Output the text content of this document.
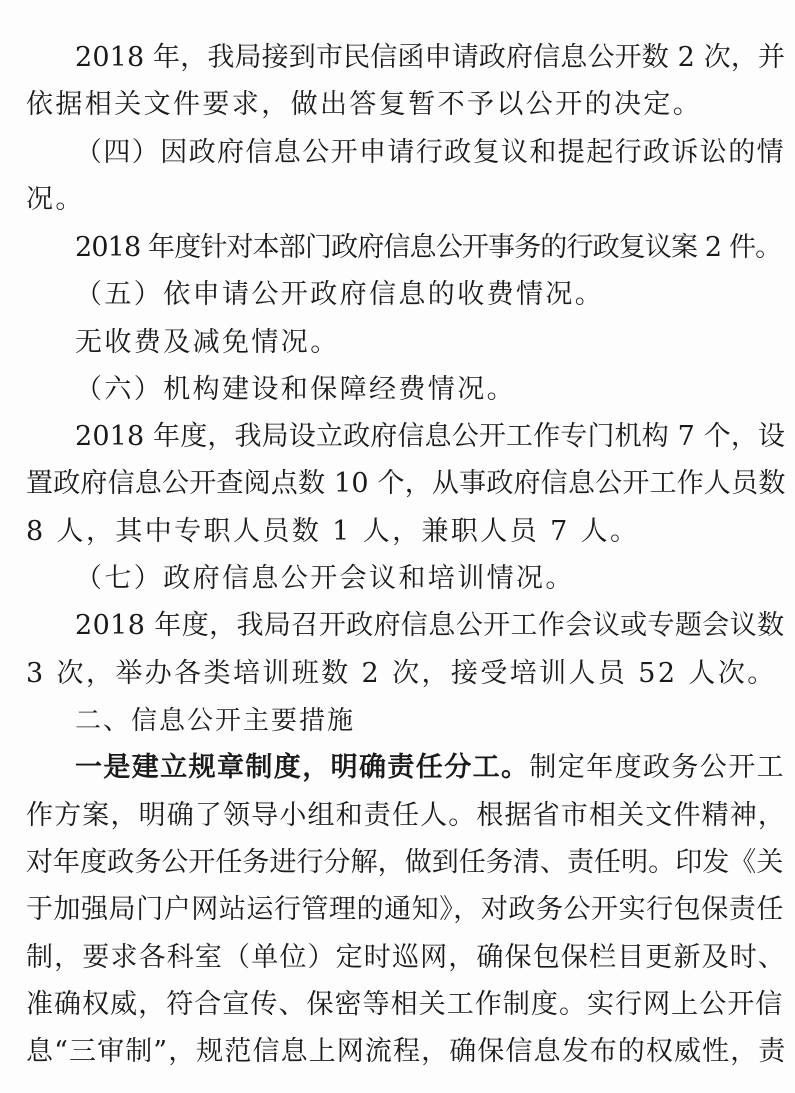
2018 年，我局接到市民信函申请政府信息公开数 2 次，并
依据相关文件要求，做出答复暂不予以公开的决定。
（四）因政府信息公开申请行政复议和提起行政诉讼的情
况。
2018 年度针对本部门政府信息公开事务的行政复议案 2 件。
（五）依申请公开政府信息的收费情况。
无收费及减免情况。
（六）机构建设和保障经费情况。
2018 年度，我局设立政府信息公开工作专门机构 7 个，设
置政府信息公开查阅点数 10 个，从事政府信息公开工作人员数
8 人，其中专职人员数 1 人，兼职人员 7 人。
（七）政府信息公开会议和培训情况。
2018 年度，我局召开政府信息公开工作会议或专题会议数
3 次，举办各类培训班数 2 次，接受培训人员 52 人次。
二、信息公开主要措施
一是建立规章制度，明确责任分工。制定年度政务公开工
作方案，明确了领导小组和责任人。根据省市相关文件精神，
对年度政务公开任务进行分解，做到任务清、责任明。印发《关
于加强局门户网站运行管理的通知》，对政务公开实行包保责任
制，要求各科室（单位）定时巡网，确保包保栏目更新及时、
准确权威，符合宣传、保密等相关工作制度。实行网上公开信
息“三审制”，规范信息上网流程，确保信息发布的权威性，责
